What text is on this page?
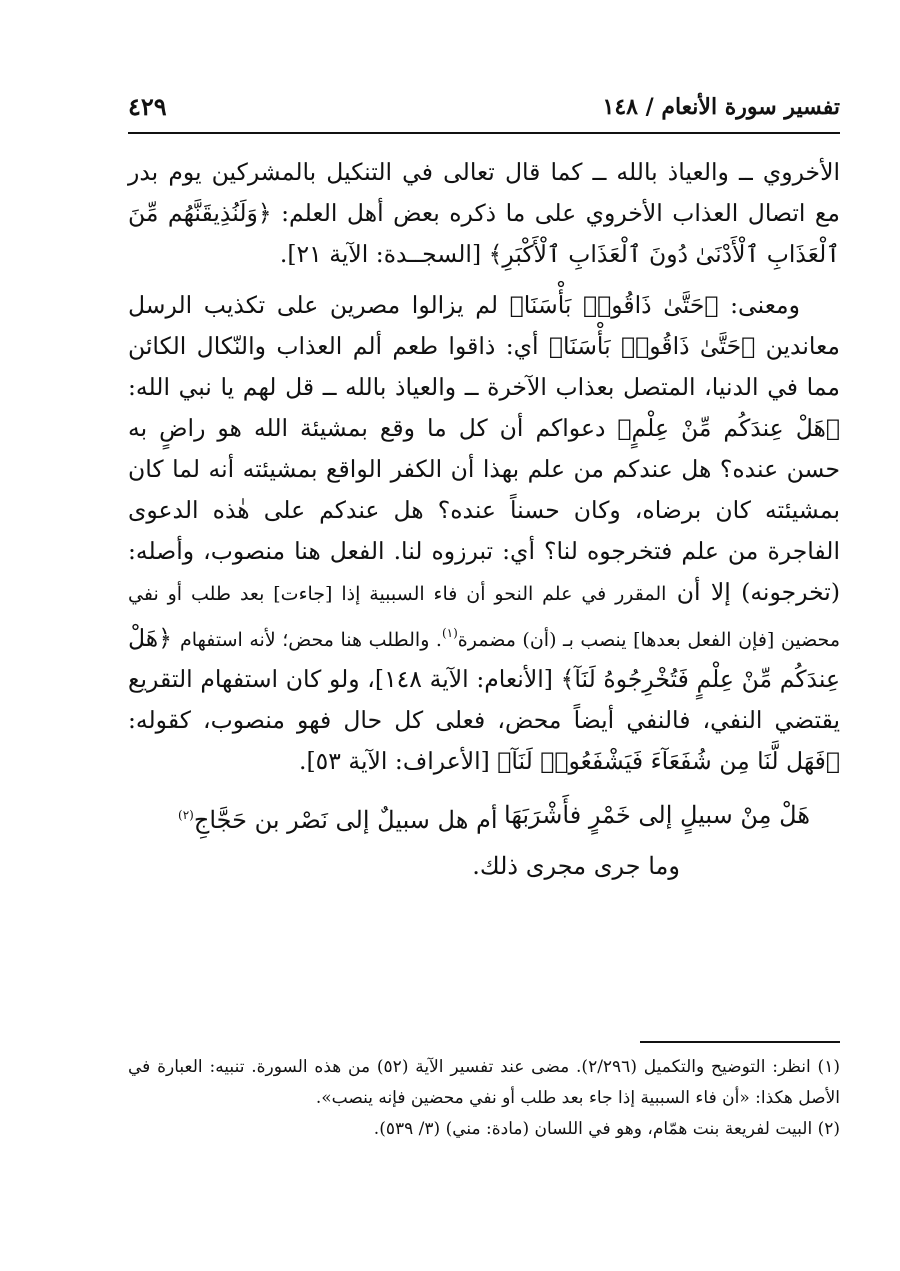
تفسير سورة الأنعام / ١٤٨
٤٢٩

الأخروي ــ والعياذ بالله ــ كما قال تعالى في التنكيل بالمشركين يوم بدر مع اتصال العذاب الأخروي على ما ذكره بعض أهل العلم: ﴿وَلَنُذِيقَنَّهُم مِّنَ ٱلْعَذَابِ ٱلْأَدْنَىٰ دُونَ ٱلْعَذَابِ ٱلْأَكْبَرِ﴾ [السجــدة: الآية ٢١].

ومعنى: ﴿حَتَّىٰ ذَاقُوا۟ بَأْسَنَا﴾ لم يزالوا مصرين على تكذيب الرسل معاندين ﴿حَتَّىٰ ذَاقُوا۟ بَأْسَنَا﴾ أي: ذاقوا طعم ألم العذاب والنّكال الكائن مما في الدنيا، المتصل بعذاب الآخرة ــ والعياذ بالله ــ قل لهم يا نبي الله: ﴿هَلْ عِندَكُم مِّنْ عِلْمٍ﴾ دعواكم أن كل ما وقع بمشيئة الله هو راضٍ به حسن عنده؟ هل عندكم من علم بهذا أن الكفر الواقع بمشيئته أنه لما كان بمشيئته كان برضاه، وكان حسناً عنده؟ هل عندكم على هٰذه الدعوى الفاجرة من علم فتخرجوه لنا؟ أي: تبرزوه لنا. الفعل هنا منصوب، وأصله: (تخرجونه) إلا أن المقرر في علم النحو أن فاء السببية إذا [جاءت] بعد طلب أو نفي محضين [فإن الفعل بعدها] ينصب بـ (أن) مضمرة$^{(١)}$. والطلب هنا محض؛ لأنه استفهام ﴿هَلْ عِندَكُم مِّنْ عِلْمٍ فَتُخْرِجُوهُ لَنَآ﴾ [الأنعام: الآية ١٤٨]، ولو كان استفهام التقريع يقتضي النفي، فالنفي أيضاً محض، فعلى كل حال فهو منصوب، كقوله: ﴿فَهَل لَّنَا مِن شُفَعَآءَ فَيَشْفَعُوا۟ لَنَآ﴾ [الأعراف: الآية ٥٣].

هَلْ مِنْ سبيلٍ إلى خَمْرٍ فأَشْرَبَهَا
أم هل سبيلٌ إلى نَصْر بن حَجَّاجِ$^{(٢)}$
وما جرى مجرى ذلك.

(١) انظر: التوضيح والتكميل (٢/٢٩٦). مضى عند تفسير الآية (٥٢) من هذه السورة. تنبيه: العبارة في الأصل هكذا: «أن فاء السببية إذا جاء بعد طلب أو نفي محضين فإنه ينصب».

(٢) البيت لفريعة بنت همّام، وهو في اللسان (مادة: مني) (٣/ ٥٣٩).
